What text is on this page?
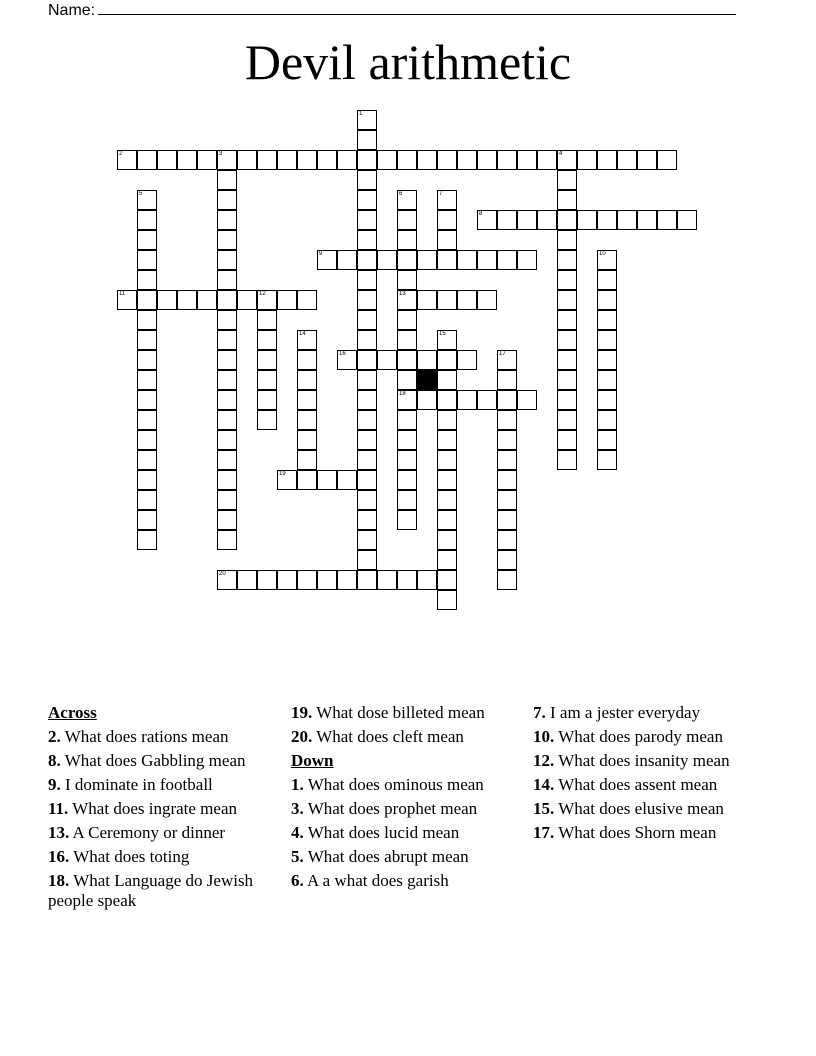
Name:
Devil arithmetic
1
2	3	4
5	6
13
18
7
8
9	10
11	12
14	15
16	17
19
20
Across
2. What does rations mean
8. What does Gabbling mean
9. I dominate in football
11. What does ingrate mean
13. A Ceremony or dinner
16. What does toting
18. What Language do Jewish people speak
19. What dose billeted mean
20. What does cleft mean
Down
1. What does ominous mean
3. What does prophet mean
4. What does lucid mean
5. What does abrupt mean
6. A a what does garish
7. I am a jester everyday
10. What does parody mean
12. What does insanity mean
14. What does assent mean
15. What does elusive mean
17. What does Shorn mean
